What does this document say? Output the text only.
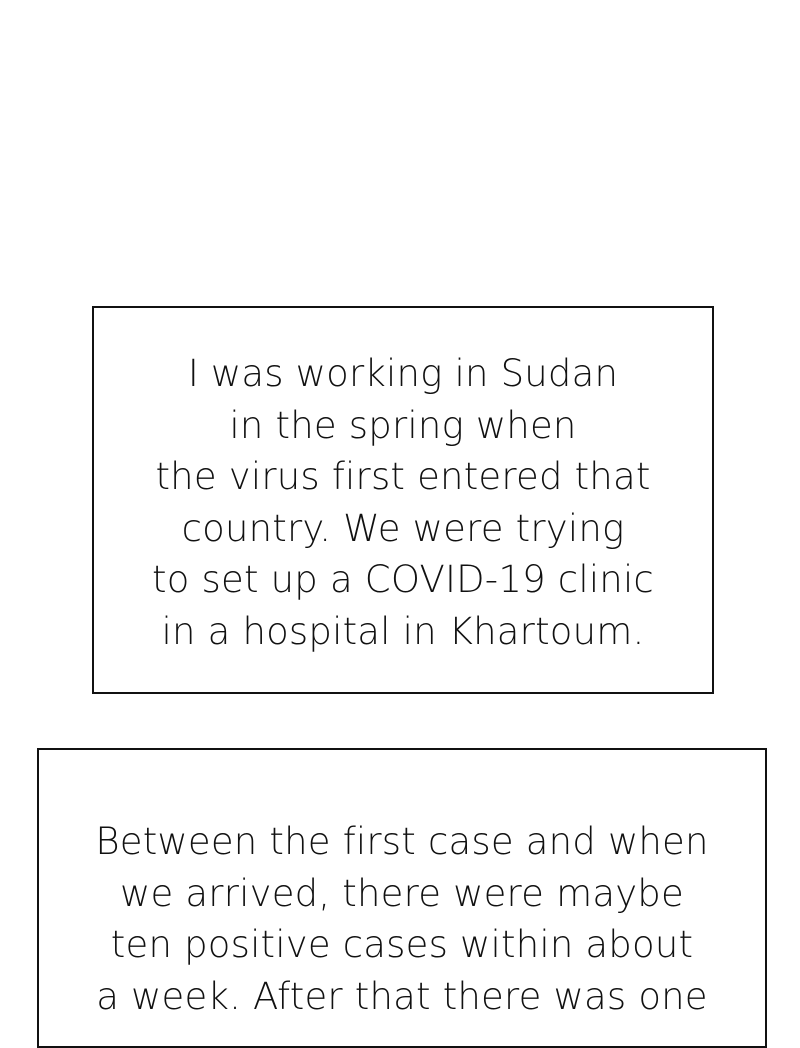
I was working in Sudan
in the spring when
the virus first entered that
country. We were trying
to set up a COVID-19 clinic
in a hospital in Khartoum.
Between the first case and when
we arrived, there were maybe
ten positive cases within about
a week. After that there was one
